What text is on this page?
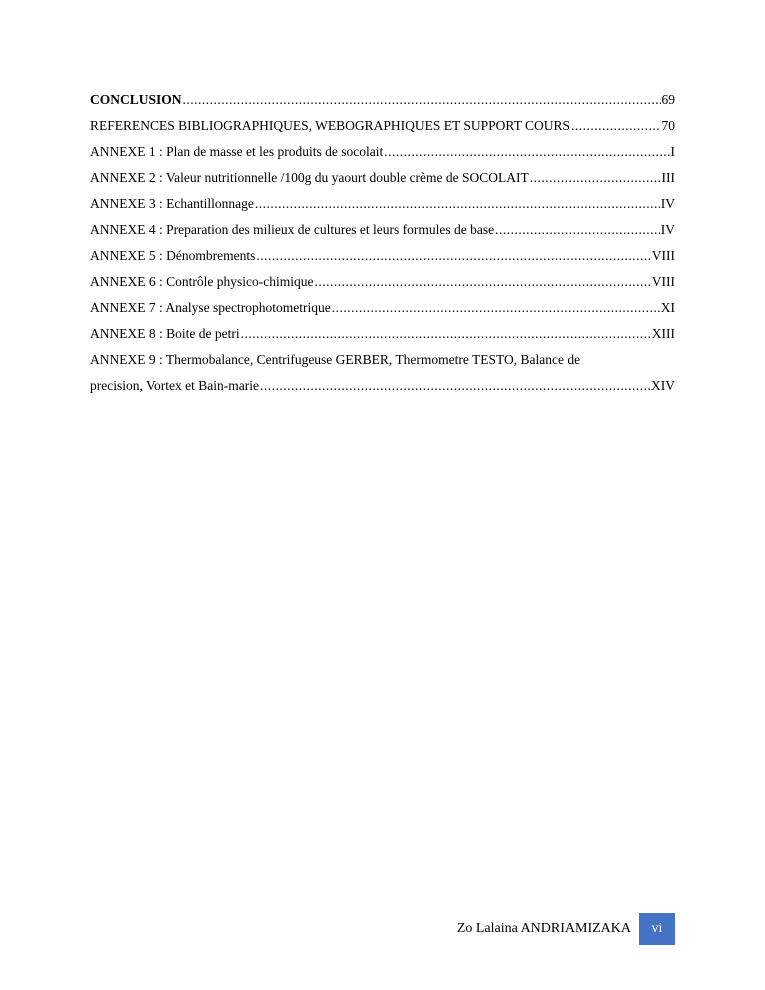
CONCLUSION .....	69
REFERENCES BIBLIOGRAPHIQUES, WEBOGRAPHIQUES ET SUPPORT COURS .....	70
ANNEXE 1 : Plan de masse et les produits de socolait .....	I
ANNEXE 2 : Valeur nutritionnelle /100g du yaourt double crème de SOCOLAIT .....	III
ANNEXE 3 : Echantillonnage .....	IV
ANNEXE 4 : Preparation des milieux de cultures et leurs formules de base .....	IV
ANNEXE 5 : Dénombrements .....	VIII
ANNEXE 6 : Contrôle physico-chimique .....	VIII
ANNEXE 7 : Analyse spectrophotometrique .....	XI
ANNEXE 8 : Boite de petri .....	XIII
ANNEXE 9 : Thermobalance, Centrifugeuse GERBER, Thermometre TESTO, Balance de
precision, Vortex et Bain-marie .....	XIV
Zo Lalaina ANDRIAMIZAKA	vi
